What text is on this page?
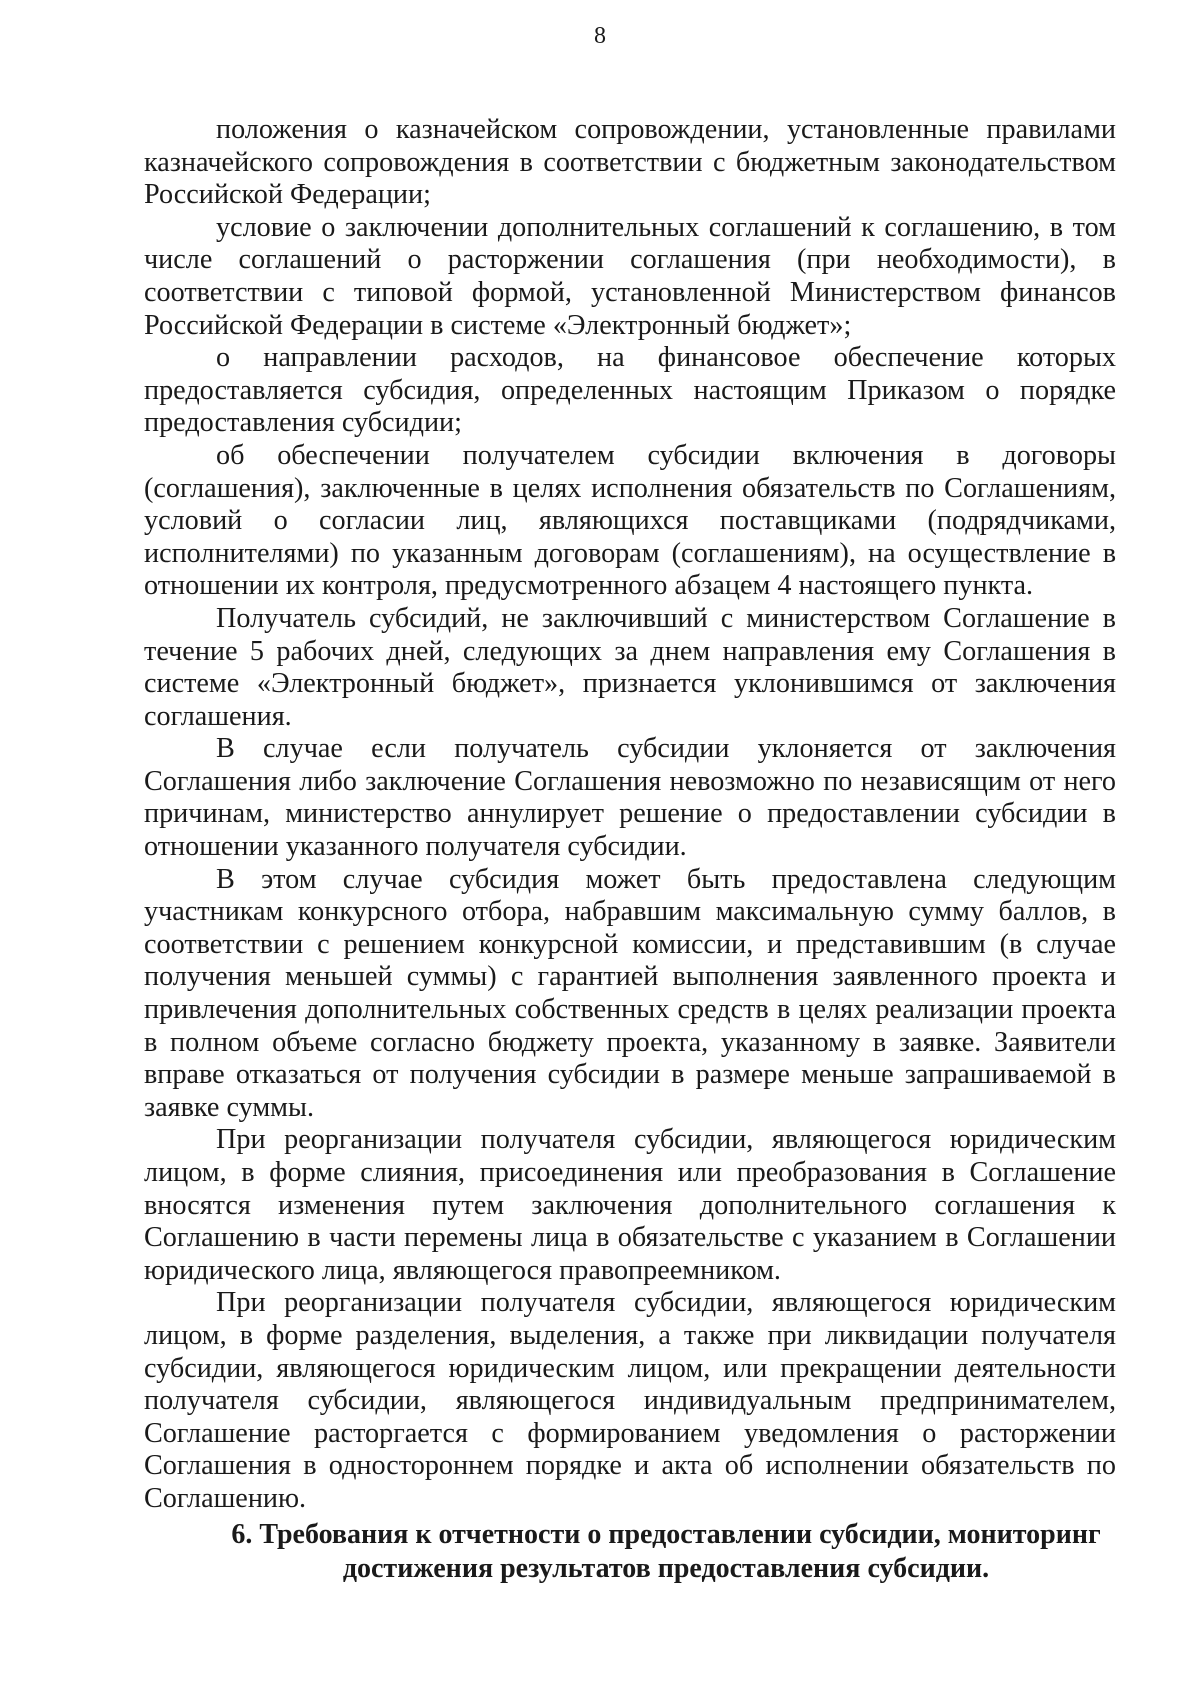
8

положения о казначейском сопровождении, установленные правилами казначейского сопровождения в соответствии с бюджетным законодательством Российской Федерации;

условие о заключении дополнительных соглашений к соглашению, в том числе соглашений о расторжении соглашения (при необходимости), в соответствии с типовой формой, установленной Министерством финансов Российской Федерации в системе «Электронный бюджет»;

о направлении расходов, на финансовое обеспечение которых предоставляется субсидия, определенных настоящим Приказом о порядке предоставления субсидии;

об обеспечении получателем субсидии включения в договоры (соглашения), заключенные в целях исполнения обязательств по Соглашениям, условий о согласии лиц, являющихся поставщиками (подрядчиками, исполнителями) по указанным договорам (соглашениям), на осуществление в отношении их контроля, предусмотренного абзацем 4 настоящего пункта.

Получатель субсидий, не заключивший с министерством Соглашение в течение 5 рабочих дней, следующих за днем направления ему Соглашения в системе «Электронный бюджет», признается уклонившимся от заключения соглашения.

В случае если получатель субсидии уклоняется от заключения Соглашения либо заключение Соглашения невозможно по независящим от него причинам, министерство аннулирует решение о предоставлении субсидии в отношении указанного получателя субсидии.

В этом случае субсидия может быть предоставлена следующим участникам конкурсного отбора, набравшим максимальную сумму баллов, в соответствии с решением конкурсной комиссии, и представившим (в случае получения меньшей суммы) с гарантией выполнения заявленного проекта и привлечения дополнительных собственных средств в целях реализации проекта в полном объеме согласно бюджету проекта, указанному в заявке. Заявители вправе отказаться от получения субсидии в размере меньше запрашиваемой в заявке суммы.

При реорганизации получателя субсидии, являющегося юридическим лицом, в форме слияния, присоединения или преобразования в Соглашение вносятся изменения путем заключения дополнительного соглашения к Соглашению в части перемены лица в обязательстве с указанием в Соглашении юридического лица, являющегося правопреемником.

При реорганизации получателя субсидии, являющегося юридическим лицом, в форме разделения, выделения, а также при ликвидации получателя субсидии, являющегося юридическим лицом, или прекращении деятельности получателя субсидии, являющегося индивидуальным предпринимателем, Соглашение расторгается с формированием уведомления о расторжении Соглашения в одностороннем порядке и акта об исполнении обязательств по Соглашению.

6. Требования к отчетности о предоставлении субсидии, мониторинг достижения результатов предоставления субсидии.
